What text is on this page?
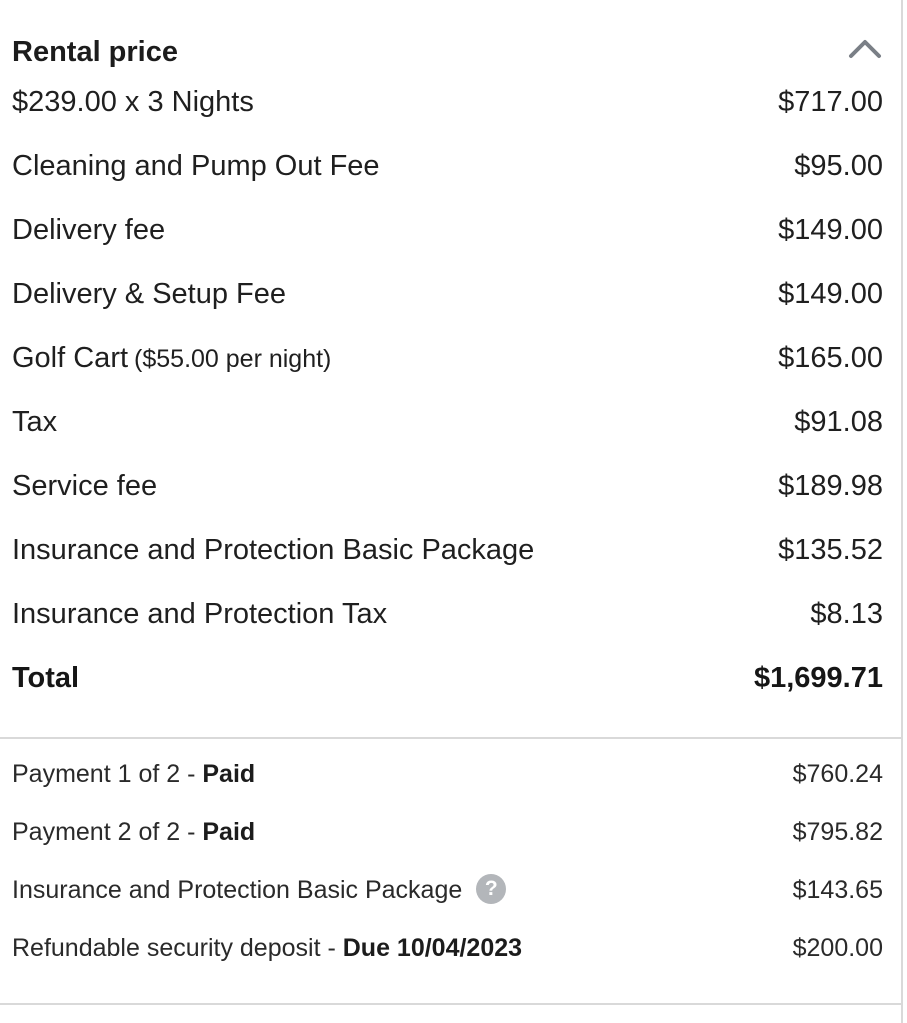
Rental price
$239.00 x 3 Nights	$717.00
Cleaning and Pump Out Fee	$95.00
Delivery fee	$149.00
Delivery & Setup Fee	$149.00
Golf Cart ($55.00 per night)	$165.00
Tax	$91.08
Service fee	$189.98
Insurance and Protection Basic Package	$135.52
Insurance and Protection Tax	$8.13
Total	$1,699.71
Payment 1 of 2 - Paid	$760.24
Payment 2 of 2 - Paid	$795.82
Insurance and Protection Basic Package ?	$143.65
Refundable security deposit - Due 10/04/2023	$200.00
